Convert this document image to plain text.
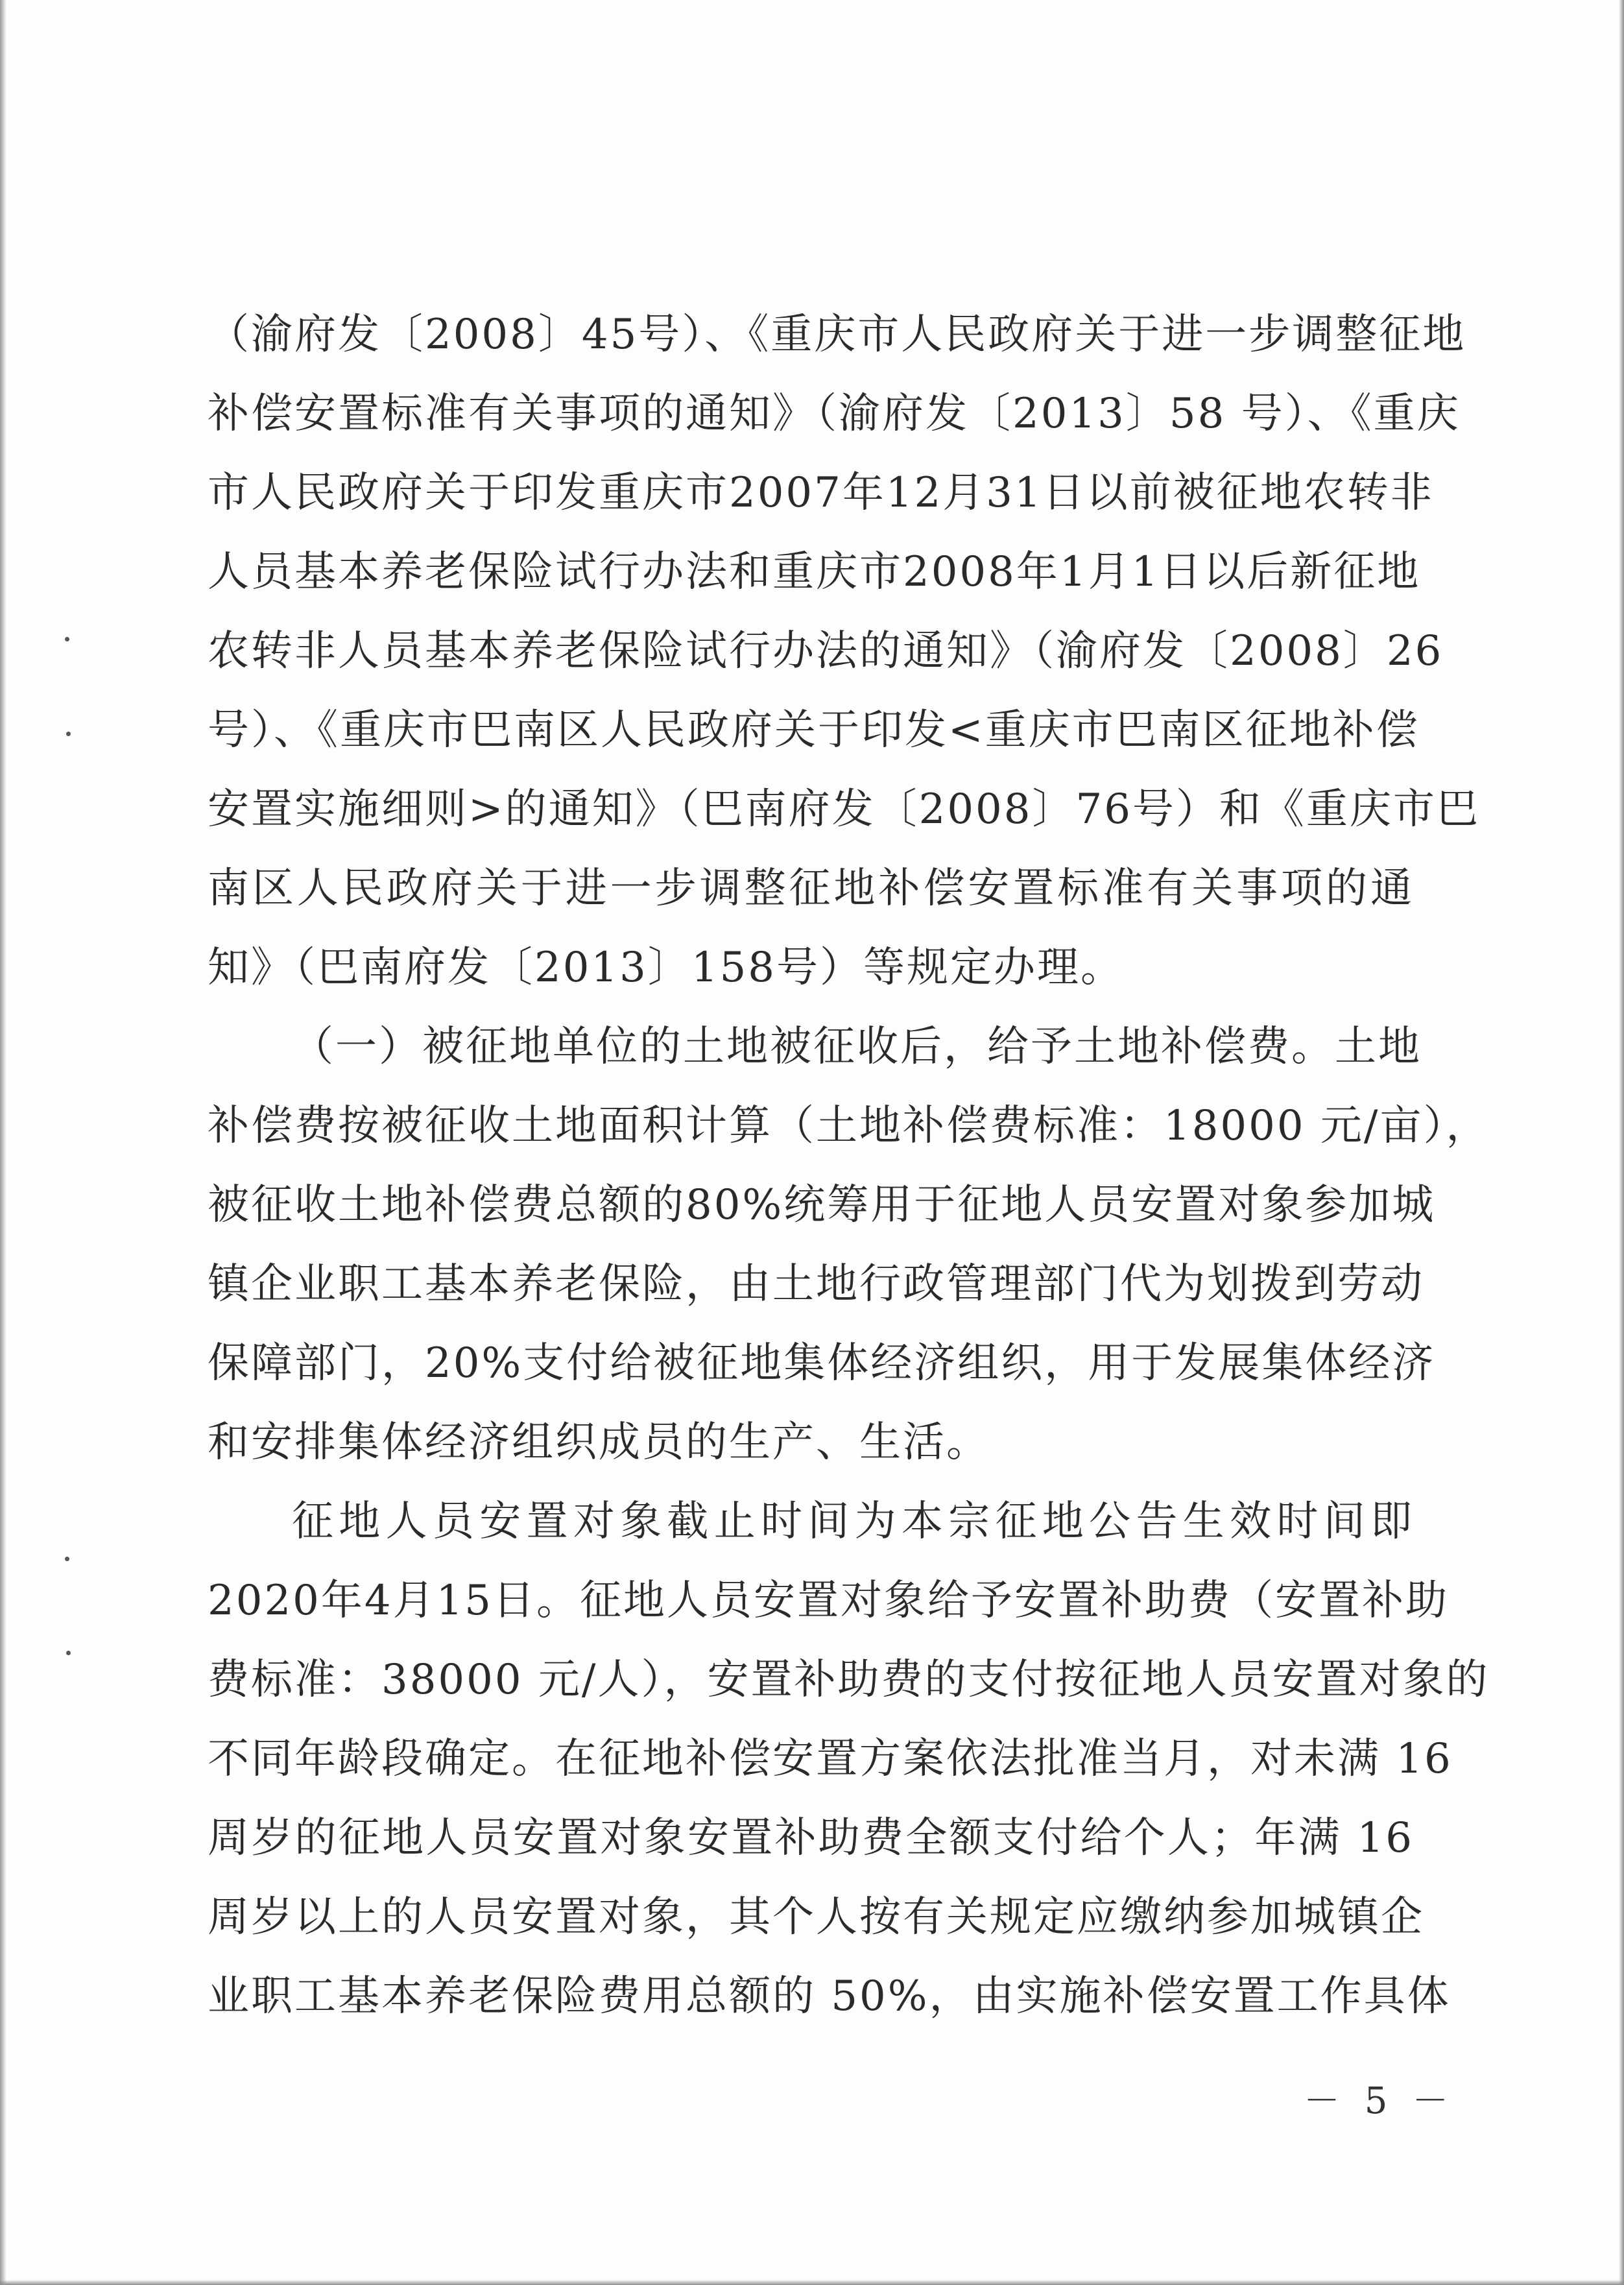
（渝府发〔2008〕45号）、《重庆市人民政府关于进一步调整征地
补偿安置标准有关事项的通知》（渝府发〔2013〕58 号）、《重庆
市人民政府关于印发重庆市2007年12月31日以前被征地农转非
人员基本养老保险试行办法和重庆市2008年1月1日以后新征地
农转非人员基本养老保险试行办法的通知》（渝府发〔2008〕26
号）、《重庆市巴南区人民政府关于印发<重庆市巴南区征地补偿
安置实施细则>的通知》（巴南府发〔2008〕76号）和《重庆市巴
南区人民政府关于进一步调整征地补偿安置标准有关事项的通
知》（巴南府发〔2013〕158号）等规定办理。
（一）被征地单位的土地被征收后，给予土地补偿费。土地
补偿费按被征收土地面积计算（土地补偿费标准：18000 元/亩），
被征收土地补偿费总额的80%统筹用于征地人员安置对象参加城
镇企业职工基本养老保险，由土地行政管理部门代为划拨到劳动
保障部门，20%支付给被征地集体经济组织，用于发展集体经济
和安排集体经济组织成员的生产、生活。
征地人员安置对象截止时间为本宗征地公告生效时间即
2020年4月15日。征地人员安置对象给予安置补助费（安置补助
费标准：38000 元/人），安置补助费的支付按征地人员安置对象的
不同年龄段确定。在征地补偿安置方案依法批准当月，对未满 16
周岁的征地人员安置对象安置补助费全额支付给个人；年满 16
周岁以上的人员安置对象，其个人按有关规定应缴纳参加城镇企
业职工基本养老保险费用总额的 50%，由实施补偿安置工作具体
－ 5 －
